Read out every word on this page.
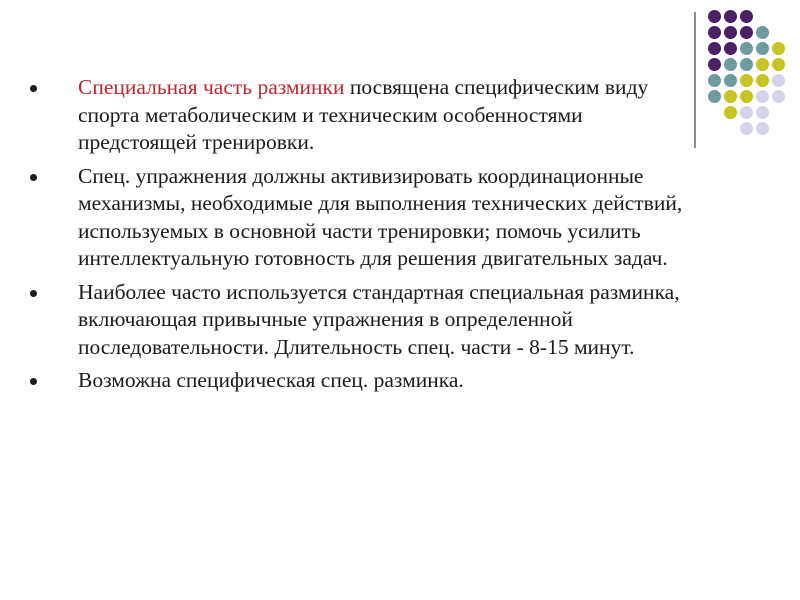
Специальная часть разминки посвящена специфическим виду спорта метаболическим и техническим особенностями предстоящей тренировки.
Спец. упражнения должны активизировать координационные механизмы, необходимые для выполнения технических действий, используемых в основной части тренировки; помочь усилить интеллектуальную готовность для решения двигательных задач.
Наиболее часто используется стандартная специальная разминка, включающая привычные упражнения в определенной последовательности. Длительность спец. части - 8-15 минут.
Возможна специфическая спец. разминка.
